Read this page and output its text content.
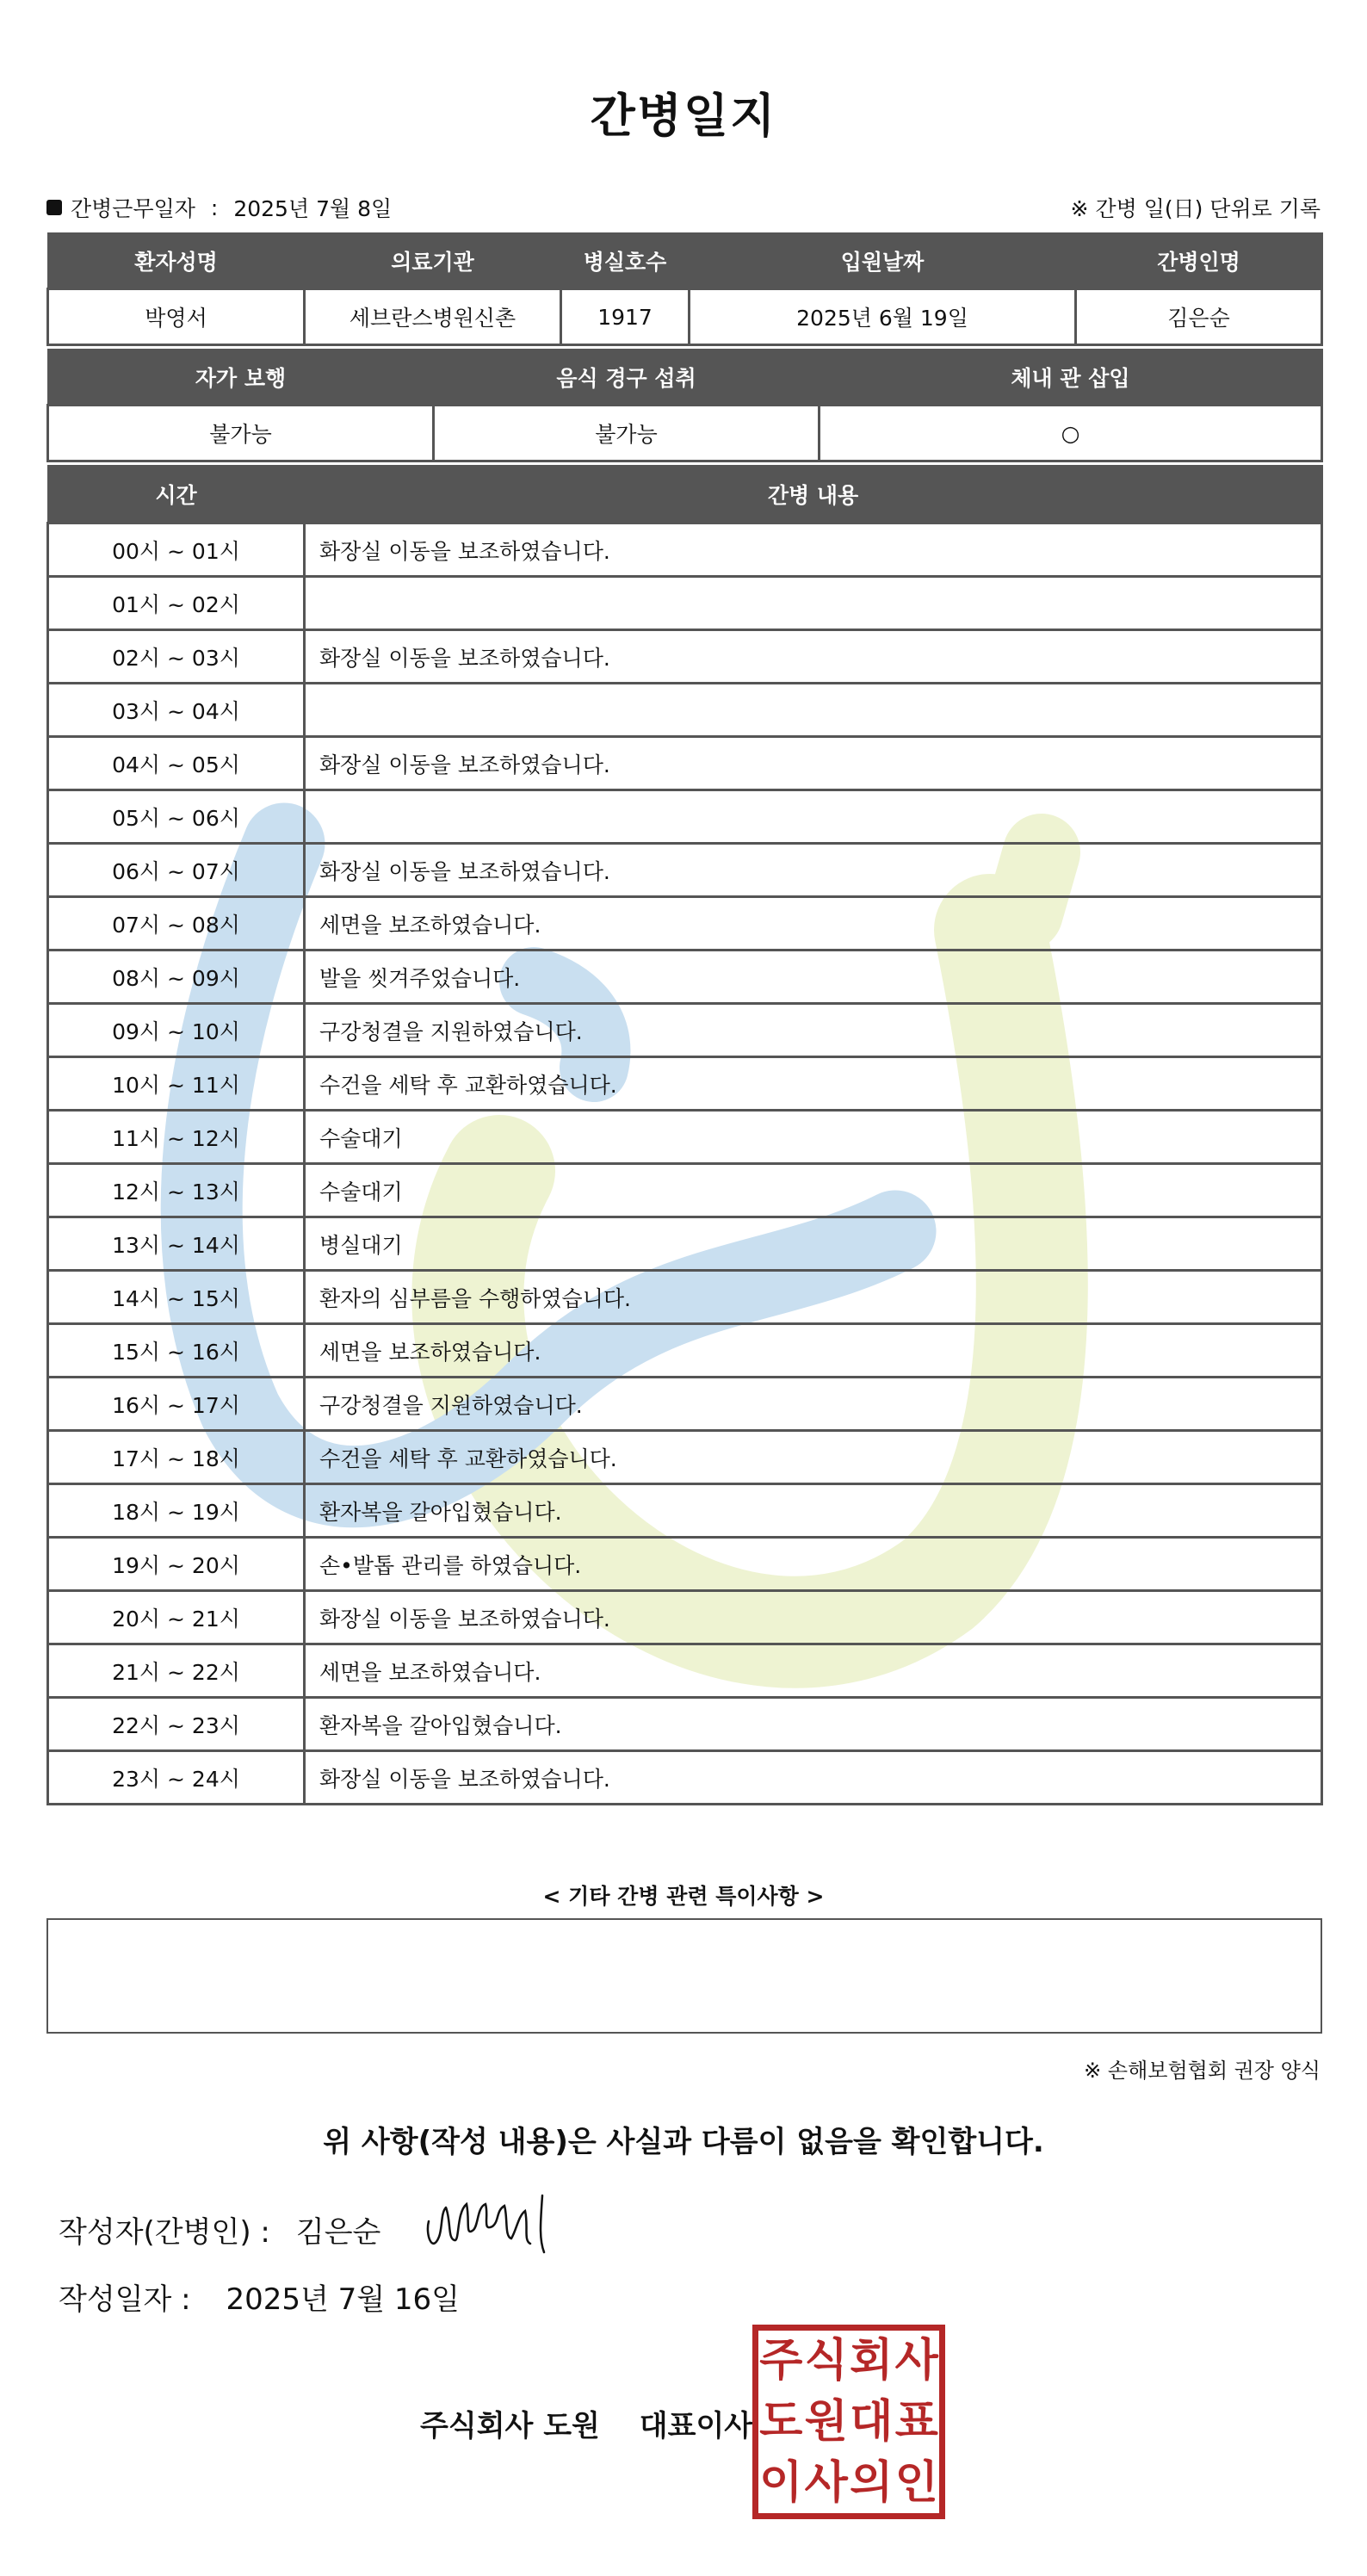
간병일지
간병근무일자 : 2025년 7월 8일	※ 간병 일(日) 단위로 기록
환자성명	의료기관	병실호수	입원날짜	간병인명
박영서	세브란스병원신촌	1917	2025년 6월 19일	김은순
자가 보행	음식 경구 섭취	체내 관 삽입
불가능	불가능	○
시간	간병 내용
00시 ~ 01시	화장실 이동을 보조하였습니다.
01시 ~ 02시	
02시 ~ 03시	화장실 이동을 보조하였습니다.
03시 ~ 04시	
04시 ~ 05시	화장실 이동을 보조하였습니다.
05시 ~ 06시	
06시 ~ 07시	화장실 이동을 보조하였습니다.
07시 ~ 08시	세면을 보조하였습니다.
08시 ~ 09시	발을 씻겨주었습니다.
09시 ~ 10시	구강청결을 지원하였습니다.
10시 ~ 11시	수건을 세탁 후 교환하였습니다.
11시 ~ 12시	수술대기
12시 ~ 13시	수술대기
13시 ~ 14시	병실대기
14시 ~ 15시	환자의 심부름을 수행하였습니다.
15시 ~ 16시	세면을 보조하였습니다.
16시 ~ 17시	구강청결을 지원하였습니다.
17시 ~ 18시	수건을 세탁 후 교환하였습니다.
18시 ~ 19시	환자복을 갈아입혔습니다.
19시 ~ 20시	손•발톱 관리를 하였습니다.
20시 ~ 21시	화장실 이동을 보조하였습니다.
21시 ~ 22시	세면을 보조하였습니다.
22시 ~ 23시	환자복을 갈아입혔습니다.
23시 ~ 24시	화장실 이동을 보조하였습니다.
< 기타 간병 관련 특이사항 >
※ 손해보험협회 권장 양식
위 사항(작성 내용)은 사실과 다름이 없음을 확인합니다.
작성자(간병인) : 김은순
작성일자 : 2025년 7월 16일
주식회사 도원 대표이사
주 식 회 사
도 원 대 표
이 사 의 인
